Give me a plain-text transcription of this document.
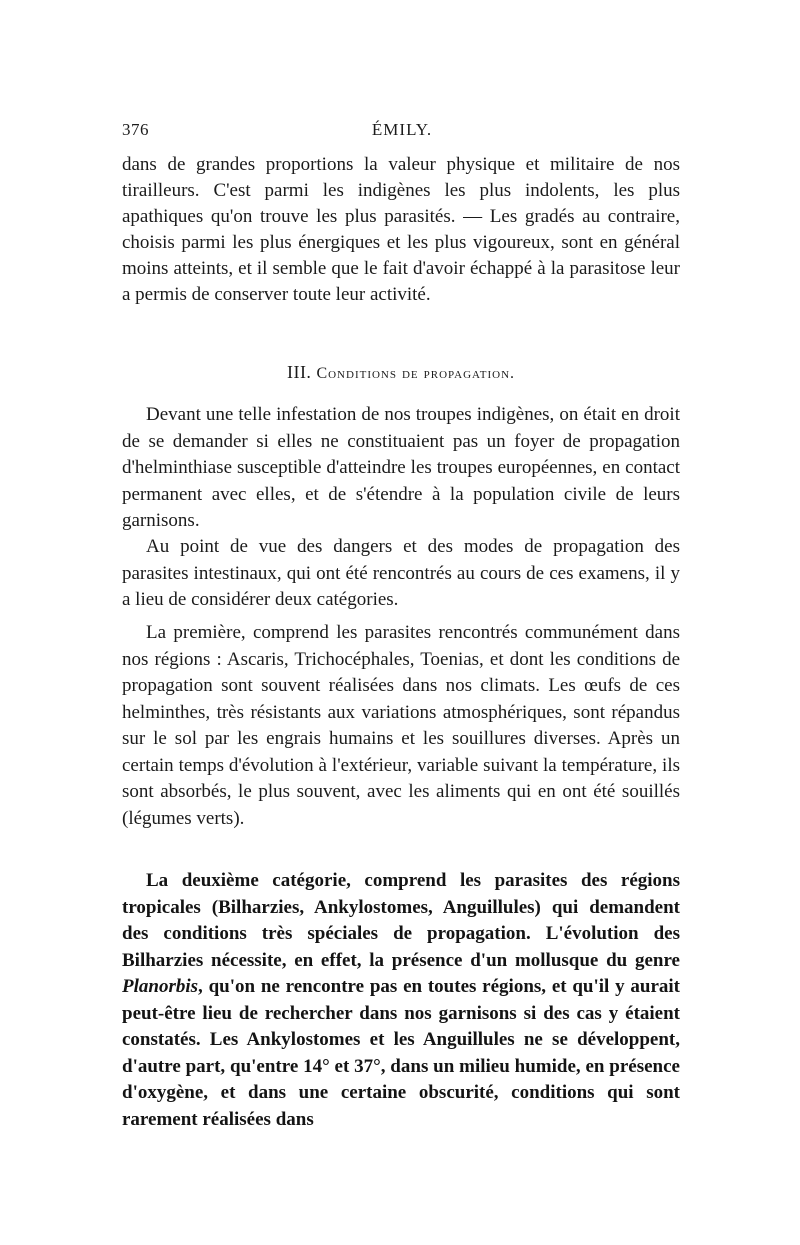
376	ÉMILY.

dans de grandes proportions la valeur physique et militaire de nos tirailleurs. C'est parmi les indigènes les plus indolents, les plus apathiques qu'on trouve les plus parasités. — Les gradés au contraire, choisis parmi les plus énergiques et les plus vigoureux, sont en général moins atteints, et il semble que le fait d'avoir échappé à la parasitose leur a permis de conserver toute leur activité.

III. Conditions de propagation.

Devant une telle infestation de nos troupes indigènes, on était en droit de se demander si elles ne constituaient pas un foyer de propagation d'helminthiase susceptible d'atteindre les troupes européennes, en contact permanent avec elles, et de s'étendre à la population civile de leurs garnisons.

Au point de vue des dangers et des modes de propagation des parasites intestinaux, qui ont été rencontrés au cours de ces examens, il y a lieu de considérer deux catégories.

La première, comprend les parasites rencontrés communément dans nos régions : Ascaris, Trichocéphales, Toenias, et dont les conditions de propagation sont souvent réalisées dans nos climats. Les œufs de ces helminthes, très résistants aux variations atmosphériques, sont répandus sur le sol par les engrais humains et les souillures diverses. Après un certain temps d'évolution à l'extérieur, variable suivant la température, ils sont absorbés, le plus souvent, avec les aliments qui en ont été souillés (légumes verts).

La deuxième catégorie, comprend les parasites des régions tropicales (Bilharzies, Ankylostomes, Anguillules) qui demandent des conditions très spéciales de propagation. L'évolution des Bilharzies nécessite, en effet, la présence d'un mollusque du genre Planorbis, qu'on ne rencontre pas en toutes régions, et qu'il y aurait peut-être lieu de rechercher dans nos garnisons si des cas y étaient constatés. Les Ankylostomes et les Anguillules ne se développent, d'autre part, qu'entre 14° et 37°, dans un milieu humide, en présence d'oxygène, et dans une certaine obscurité, conditions qui sont rarement réalisées dans
